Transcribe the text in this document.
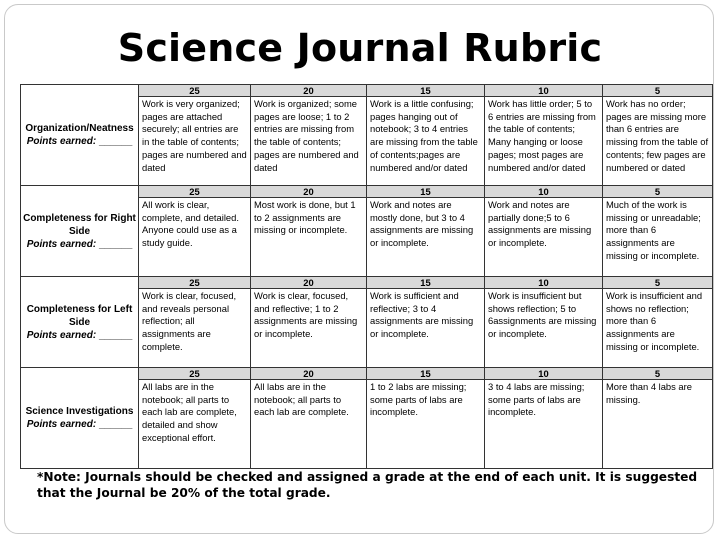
Science Journal Rubric
Organization/Neatness
Points earned: ______	25	20	15	10	5
	Work is very organized; pages are attached securely; all entries are in the table of contents; pages are numbered and dated	Work is organized; some pages are loose; 1 to 2 entries are missing from the table of contents; pages are numbered and dated	Work is a little confusing; pages hanging out of notebook; 3 to 4 entries are missing from the table of contents;pages are numbered and/or dated	Work has little order; 5 to 6 entries are missing from the table of contents; Many hanging or loose pages; most pages are numbered and/or dated	Work has no order; pages are missing more than 6 entries are missing from the table of contents; few pages are numbered or dated

Completeness for Right Side
Points earned: ______	25	20	15	10	5
	All work is clear, complete, and detailed. Anyone could use as a study guide.	Most work is done, but 1 to 2 assignments are missing or incomplete.	Work and notes are mostly done, but 3 to 4 assignments are missing or incomplete.	Work and notes are partially done;5 to 6 assignments are missing or incomplete.	Much of the work is missing or unreadable; more than 6 assignments are missing or incomplete.

Completeness for Left Side
Points earned: ______	25	20	15	10	5
	Work is clear, focused, and reveals personal reflection; all assignments are complete.	Work is clear, focused, and reflective; 1 to 2 assignments are missing or incomplete.	Work is sufficient and reflective; 3 to 4 assignments are missing or incomplete.	Work is insufficient but shows reflection; 5 to 6assignments are missing or incomplete.	Work is insufficient and shows no reflection; more than 6 assignments are missing or incomplete.

Science Investigations
Points earned: ______	25	20	15	10	5
	All labs are in the notebook; all parts to each lab are complete, detailed and show exceptional effort.	All labs are in the notebook; all parts to each lab are complete.	1 to 2 labs are missing; some parts of labs are incomplete.	3 to 4 labs are missing; some parts of labs are incomplete.	More than 4 labs are missing.

*Note: Journals should be checked and assigned a grade at the end of each unit. It is suggested that the Journal be 20% of the total grade.
